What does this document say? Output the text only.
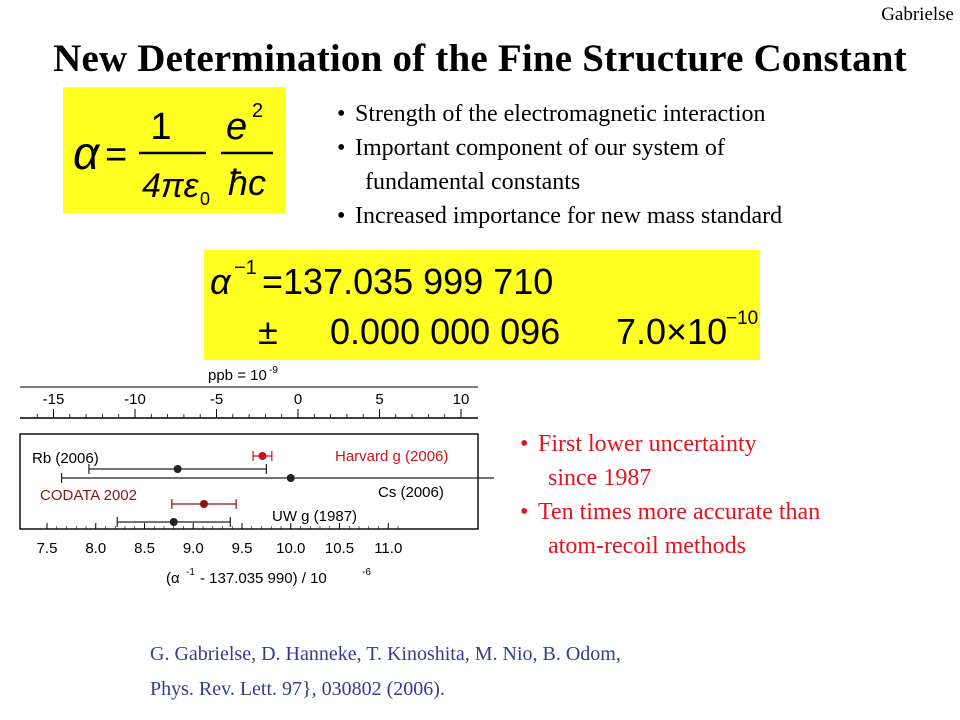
Gabrielse
New Determination of the Fine Structure Constant
α =
1
4πε 0
e 2
ħc
• Strength of the electromagnetic interaction
• Important component of our system of
fundamental constants
• Increased importance for new mass standard
α −1 =137.035 999 710
± 0.000 000 096 7.0×10
−10
ppb = 10 -9
(α -1 - 137.035 990) / 10	-6
-15	-10	-5	0	5	10
7.5 8.0 8.5 9.0 9.5 10.0 10.5 11.0
Harvard g (2006)
Rb (2006)
Cs (2006)
CODATA 2002
UW g (1987)
• First lower uncertainty
since 1987
• Ten times more accurate than
atom-recoil methods
G. Gabrielse, D. Hanneke, T. Kinoshita, M. Nio, B. Odom,
Phys. Rev. Lett. 97}, 030802 (2006).
